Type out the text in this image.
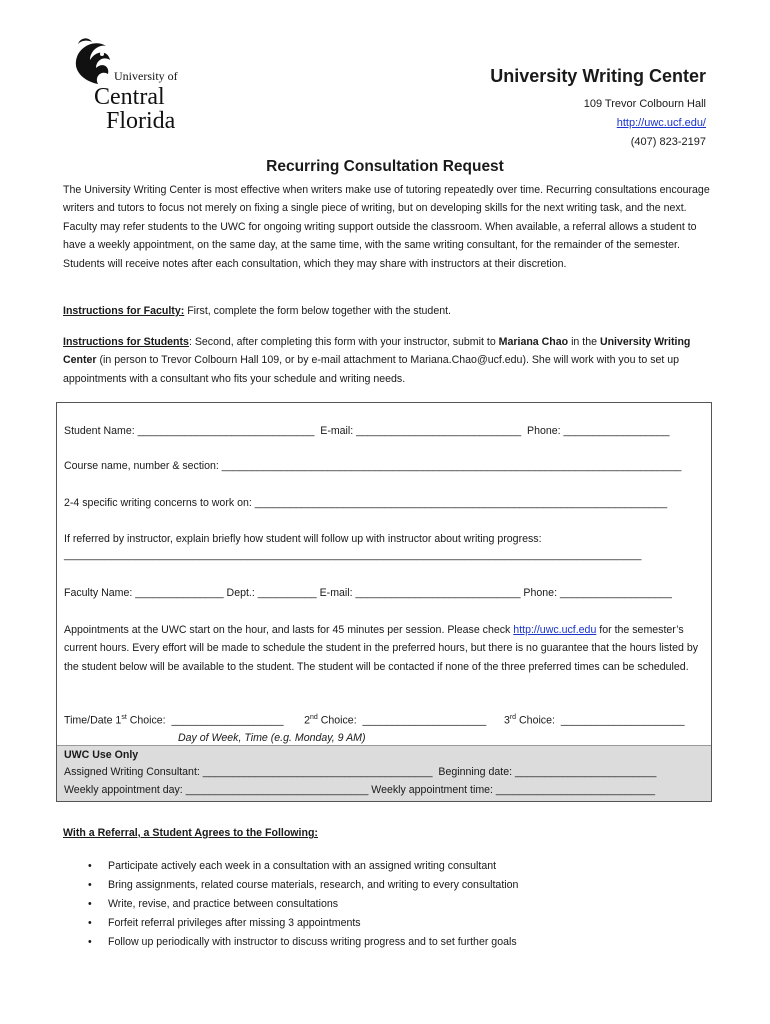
University of
Central
Florida
University Writing Center
109 Trevor Colbourn Hall
http://uwc.ucf.edu/
(407) 823-2197
Recurring Consultation Request
The University Writing Center is most effective when writers make use of tutoring repeatedly over time. Recurring consultations encourage writers and tutors to focus not merely on fixing a single piece of writing, but on developing skills for the next writing task, and the next. Faculty may refer students to the UWC for ongoing writing support outside the classroom. When available, a referral allows a student to have a weekly appointment, on the same day, at the same time, with the same writing consultant, for the remainder of the semester. Students will receive notes after each consultation, which they may share with instructors at their discretion.
Instructions for Faculty: First, complete the form below together with the student.
Instructions for Students: Second, after completing this form with your instructor, submit to Mariana Chao in the University Writing Center (in person to Trevor Colbourn Hall 109, or by e-mail attachment to Mariana.Chao@ucf.edu). She will work with you to set up appointments with a consultant who fits your schedule and writing needs.
Student Name: ______________________________  E-mail: ____________________________  Phone: __________________
Course name, number & section: ______________________________________________________________________________
2-4 specific writing concerns to work on: ______________________________________________________________________
If referred by instructor, explain briefly how student will follow up with instructor about writing progress:
__________________________________________________________________________________________________
Faculty Name: _______________ Dept.: __________ E-mail: ____________________________ Phone: ___________________
Appointments at the UWC start on the hour, and lasts for 45 minutes per session. Please check http://uwc.ucf.edu for the semester’s current hours. Every effort will be made to schedule the student in the preferred hours, but there is no guarantee that the hours listed by the student below will be available to the student. The student will be contacted if none of the three preferred times can be scheduled.
Time/Date 1st Choice:  ___________________ 2nd Choice:  _____________________ 3rd Choice:  _____________________
Day of Week, Time (e.g. Monday, 9 AM)
UWC Use Only
Assigned Writing Consultant: _______________________________________  Beginning date: ________________________
Weekly appointment day: _______________________________ Weekly appointment time: ___________________________
With a Referral, a Student Agrees to the Following:
• Participate actively each week in a consultation with an assigned writing consultant
• Bring assignments, related course materials, research, and writing to every consultation
• Write, revise, and practice between consultations
• Forfeit referral privileges after missing 3 appointments
• Follow up periodically with instructor to discuss writing progress and to set further goals
